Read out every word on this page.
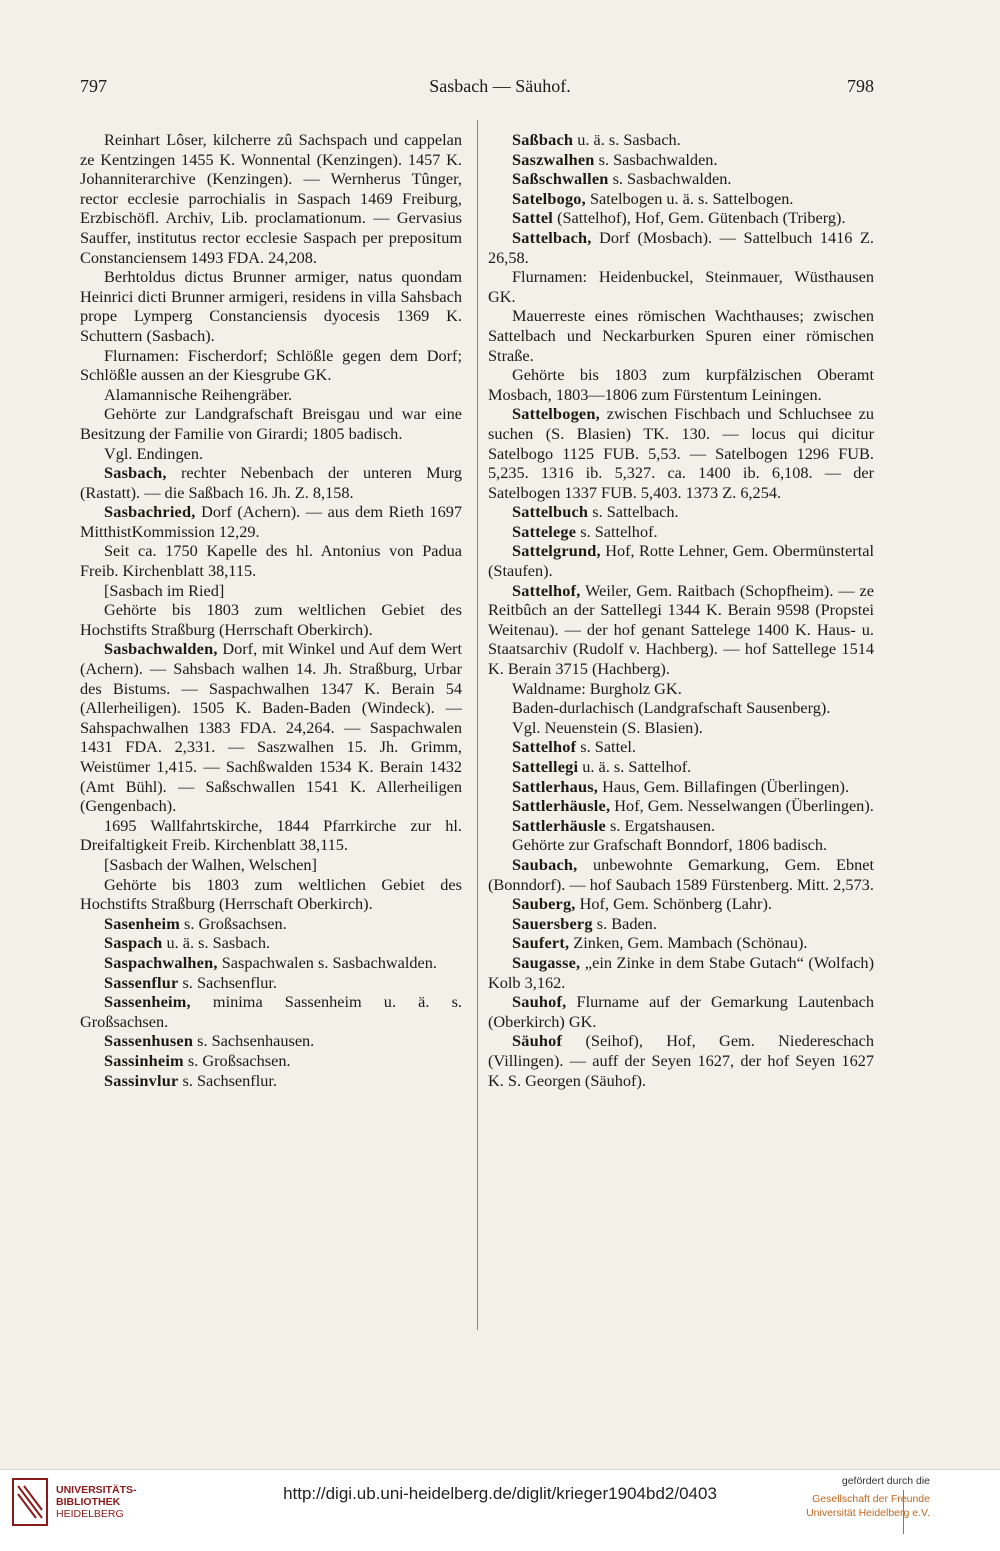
Sasbach — Säuhof.
797	798

Reinhart Lôser, kilcherre zû Sachspach und cappelan ze Kentzingen 1455 K. Wonnental (Kenzingen). 1457 K. Johanniterarchive (Kenzingen). — Wernherus Tûnger, rector ecclesie parrochialis in Saspach 1469 Freiburg, Erzbischöfl. Archiv, Lib. proclamationum. — Gervasius Sauffer, institutus rector ecclesie Saspach per prepositum Constanciensem 1493 FDA. 24,208.

Berhtoldus dictus Brunner armiger, natus quondam Heinrici dicti Brunner armigeri, residens in villa Sahsbach prope Lymperg Constanciensis dyocesis 1369 K. Schuttern (Sasbach).

Flurnamen: Fischerdorf; Schlößle gegen dem Dorf; Schlößle aussen an der Kiesgrube GK.

Alamannische Reihengräber.

Gehörte zur Landgrafschaft Breisgau und war eine Besitzung der Familie von Girardi; 1805 badisch.

Vgl. Endingen.

Sasbach, rechter Nebenbach der unteren Murg (Rastatt). — die Saßbach 16. Jh. Z. 8,158.

Sasbachried, Dorf (Achern). — aus dem Rieth 1697 MitthistKommission 12,29.

Seit ca. 1750 Kapelle des hl. Antonius von Padua Freib. Kirchenblatt 38,115.

[Sasbach im Ried]

Gehörte bis 1803 zum weltlichen Gebiet des Hochstifts Straßburg (Herrschaft Oberkirch).

Sasbachwalden, Dorf, mit Winkel und Auf dem Wert (Achern). — Sahsbach walhen 14. Jh. Straßburg, Urbar des Bistums. — Saspachwalhen 1347 K. Berain 54 (Allerheiligen). 1505 K. Baden-Baden (Windeck). — Sahspachwalhen 1383 FDA. 24,264. — Saspachwalen 1431 FDA. 2,331. — Saszwalhen 15. Jh. Grimm, Weistümer 1,415. — Sachßwalden 1534 K. Berain 1432 (Amt Bühl). — Saßschwallen 1541 K. Allerheiligen (Gengenbach).

1695 Wallfahrtskirche, 1844 Pfarrkirche zur hl. Dreifaltigkeit Freib. Kirchenblatt 38,115.

[Sasbach der Walhen, Welschen]

Gehörte bis 1803 zum weltlichen Gebiet des Hochstifts Straßburg (Herrschaft Oberkirch).

Sasenheim s. Großsachsen.

Saspach u. ä. s. Sasbach.

Saspachwalhen, Saspachwalen s. Sasbachwalden.

Sassenflur s. Sachsenflur.

Sassenheim, minima Sassenheim u. ä. s. Großsachsen.

Sassenhusen s. Sachsenhausen.

Sassinheim s. Großsachsen.

Sassinvlur s. Sachsenflur.

Saßbach u. ä. s. Sasbach.

Saszwalhen s. Sasbachwalden.

Saßschwallen s. Sasbachwalden.

Satelbogo, Satelbogen u. ä. s. Sattelbogen.

Sattel (Sattelhof), Hof, Gem. Gütenbach (Triberg).

Sattelbach, Dorf (Mosbach). — Sattelbuch 1416 Z. 26,58.

Flurnamen: Heidenbuckel, Steinmauer, Wüsthausen GK.

Mauerreste eines römischen Wachthauses; zwischen Sattelbach und Neckarburken Spuren einer römischen Straße.

Gehörte bis 1803 zum kurpfälzischen Oberamt Mosbach, 1803—1806 zum Fürstentum Leiningen.

Sattelbogen, zwischen Fischbach und Schluchsee zu suchen (S. Blasien) TK. 130. — locus qui dicitur Satelbogo 1125 FUB. 5,53. — Satelbogen 1296 FUB. 5,235. 1316 ib. 5,327. ca. 1400 ib. 6,108. — der Satelbogen 1337 FUB. 5,403. 1373 Z. 6,254.

Sattelbuch s. Sattelbach.

Sattelege s. Sattelhof.

Sattelgrund, Hof, Rotte Lehner, Gem. Obermünstertal (Staufen).

Sattelhof, Weiler, Gem. Raitbach (Schopfheim). — ze Reitbûch an der Sattellegi 1344 K. Berain 9598 (Propstei Weitenau). — der hof genant Sattelege 1400 K. Haus- u. Staatsarchiv (Rudolf v. Hachberg). — hof Sattellege 1514 K. Berain 3715 (Hachberg).

Waldname: Burgholz GK.

Baden-durlachisch (Landgrafschaft Sausenberg).

Vgl. Neuenstein (S. Blasien).

Sattelhof s. Sattel.

Sattellegi u. ä. s. Sattelhof.

Sattlerhaus, Haus, Gem. Billafingen (Überlingen).

Sattlerhäusle, Hof, Gem. Nesselwangen (Überlingen).

Sattlerhäusle s. Ergatshausen.

Gehörte zur Grafschaft Bonndorf, 1806 badisch.

Saubach, unbewohnte Gemarkung, Gem. Ebnet (Bonndorf). — hof Saubach 1589 Fürstenberg. Mitt. 2,573.

Sauberg, Hof, Gem. Schönberg (Lahr).

Sauersberg s. Baden.

Saufert, Zinken, Gem. Mambach (Schönau).

Saugasse, „ein Zinke in dem Stabe Gutach“ (Wolfach) Kolb 3,162.

Sauhof, Flurname auf der Gemarkung Lautenbach (Oberkirch) GK.

Säuhof (Seihof), Hof, Gem. Niedereschach (Villingen). — auff der Seyen 1627, der hof Seyen 1627 K. S. Georgen (Säuhof).

UNIVERSITÄTS-
BIBLIOTHEK
HEIDELBERG
http://digi.ub.uni-heidelberg.de/diglit/krieger1904bd2/0403
gefördert durch die
Gesellschaft der Freunde
Universität Heidelberg e.V.
